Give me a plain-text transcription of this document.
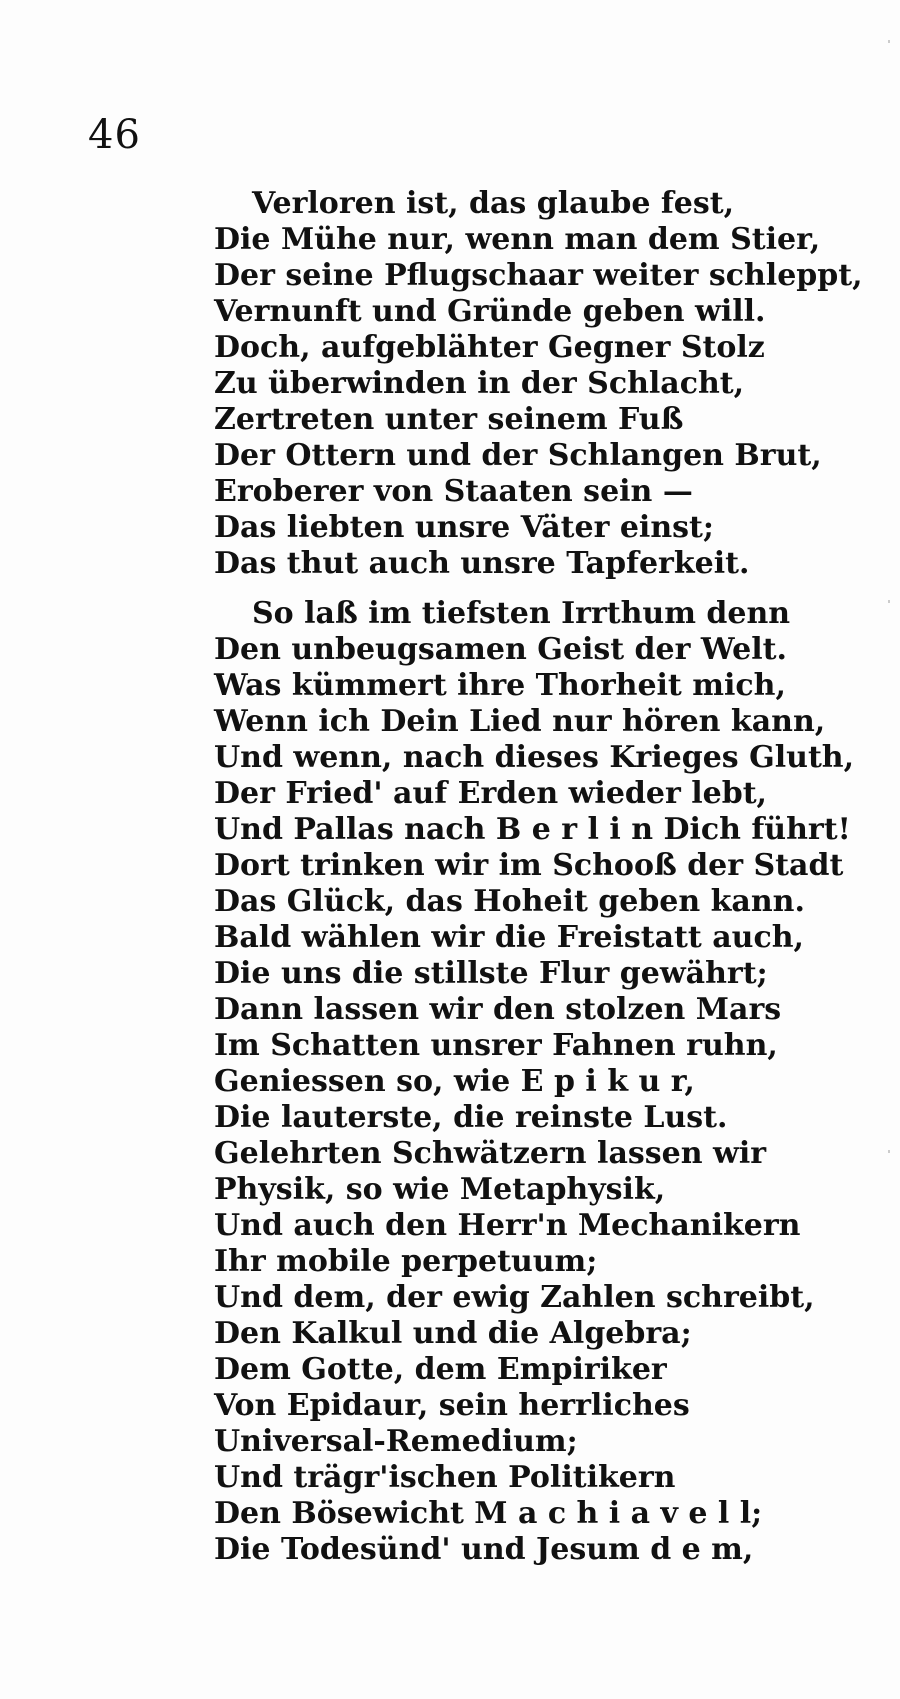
46
Verloren ist, das glaube fest,
Die Mühe nur, wenn man dem Stier,
Der seine Pflugschaar weiter schleppt,
Vernunft und Gründe geben will.
Doch, aufgeblähter Gegner Stolz
Zu überwinden in der Schlacht,
Zertreten unter seinem Fuß
Der Ottern und der Schlangen Brut,
Eroberer von Staaten sein —
Das liebten unsre Väter einst;
Das thut auch unsre Tapferkeit.
So laß im tiefsten Irrthum denn
Den unbeugsamen Geist der Welt.
Was kümmert ihre Thorheit mich,
Wenn ich Dein Lied nur hören kann,
Und wenn, nach dieses Krieges Gluth,
Der Fried' auf Erden wieder lebt,
Und Pallas nach B e r l i n Dich führt!
Dort trinken wir im Schooß der Stadt
Das Glück, das Hoheit geben kann.
Bald wählen wir die Freistatt auch,
Die uns die stillste Flur gewährt;
Dann lassen wir den stolzen Mars
Im Schatten unsrer Fahnen ruhn,
Geniessen so, wie E p i k u r,
Die lauterste, die reinste Lust.
Gelehrten Schwätzern lassen wir
Physik, so wie Metaphysik,
Und auch den Herr'n Mechanikern
Ihr mobile perpetuum;
Und dem, der ewig Zahlen schreibt,
Den Kalkul und die Algebra;
Dem Gotte, dem Empiriker
Von Epidaur, sein herrliches
Universal-Remedium;
Und trägr'ischen Politikern
Den Bösewicht M a c h i a v e l l;
Die Todesünd' und Jesum d e m,
